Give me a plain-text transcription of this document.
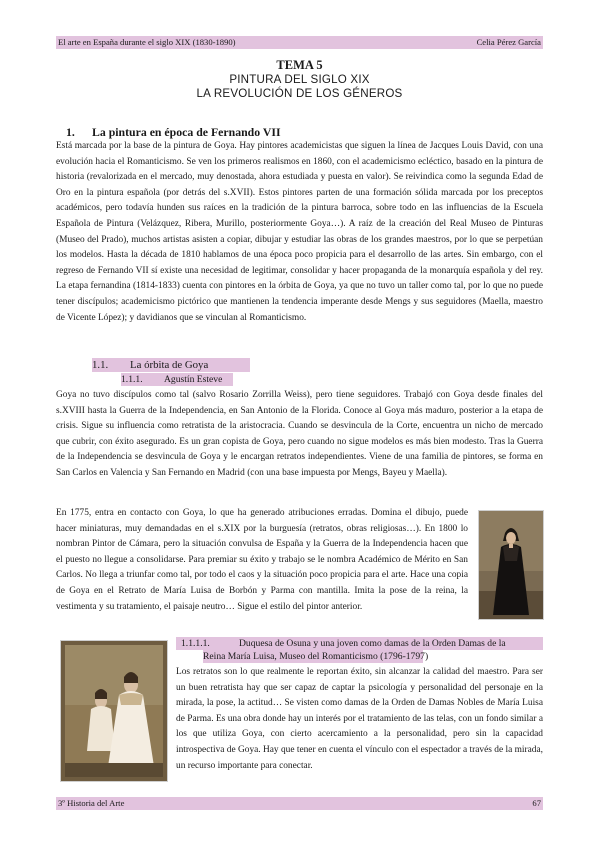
El arte en España durante el siglo XIX (1830-1890)	Celia Pérez García
TEMA 5
PINTURA DEL SIGLO XIX
LA REVOLUCIÓN DE LOS GÉNEROS
1. La pintura en época de Fernando VII

Está marcada por la base de la pintura de Goya. Hay pintores academicistas que siguen la línea de Jacques Louis David, con una evolución hacia el Romanticismo. Se ven los primeros realismos en 1860, con el academicismo ecléctico, basado en la pintura de historia (revalorizada en el mercado, muy denostada, ahora estudiada y puesta en valor). Se reivindica como la segunda Edad de Oro en la pintura española (por detrás del s.XVII). Estos pintores parten de una formación sólida marcada por los preceptos académicos, pero todavía hunden sus raíces en la tradición de la pintura barroca, sobre todo en las influencias de la Escuela Española de Pintura (Velázquez, Ribera, Murillo, posteriormente Goya…). A raíz de la creación del Real Museo de Pinturas (Museo del Prado), muchos artistas asisten a copiar, dibujar y estudiar las obras de los grandes maestros, por lo que se perpetúan los modelos. Hasta la década de 1810 hablamos de una época poco propicia para el desarrollo de las artes. Sin embargo, con el regreso de Fernando VII sí existe una necesidad de legitimar, consolidar y hacer propaganda de la monarquía española y del rey. La etapa fernandina (1814-1833) cuenta con pintores en la órbita de Goya, ya que no tuvo un taller como tal, por lo que no puede tener discípulos; academicismo pictórico que mantienen la tendencia imperante desde Mengs y sus seguidores (Maella, maestro de Vicente López); y davidianos que se vinculan al Romanticismo.

1.1. La órbita de Goya
1.1.1. Agustín Esteve

Goya no tuvo discípulos como tal (salvo Rosario Zorrilla Weiss), pero tiene seguidores. Trabajó con Goya desde finales del s.XVIII hasta la Guerra de la Independencia, en San Antonio de la Florida. Conoce al Goya más maduro, posterior a la etapa de crisis. Sigue su influencia como retratista de la aristocracia. Cuando se desvincula de la Corte, encuentra un nicho de mercado que cubrir, con éxito asegurado. Es un gran copista de Goya, pero cuando no sigue modelos es más bien modesto. Tras la Guerra de la Independencia se desvincula de Goya y le encargan retratos independientes. Viene de una familia de pintores, se forma en San Carlos en Valencia y San Fernando en Madrid (con una base impuesta por Mengs, Bayeu y Maella).

En 1775, entra en contacto con Goya, lo que ha generado atribuciones erradas. Domina el dibujo, puede hacer miniaturas, muy demandadas en el s.XIX por la burguesía (retratos, obras religiosas…). En 1800 lo nombran Pintor de Cámara, pero la situación convulsa de España y la Guerra de la Independencia hacen que el puesto no llegue a consolidarse. Para premiar su éxito y trabajo se le nombra Académico de Mérito en San Carlos. No llega a triunfar como tal, por todo el caos y la situación poco propicia para el arte. Hace una copia de Goya en el Retrato de María Luisa de Borbón y Parma con mantilla. Imita la pose de la reina, la vestimenta y su tratamiento, el paisaje neutro… Sigue el estilo del pintor anterior.

1.1.1.1.	Duquesa de Osuna y una joven como damas de la Orden Damas de la
Reina María Luisa, Museo del Romanticismo (1796-1797)

Los retratos son lo que realmente le reportan éxito, sin alcanzar la calidad del maestro. Para ser un buen retratista hay que ser capaz de captar la psicología y personalidad del personaje en la mirada, la pose, la actitud… Se visten como damas de la Orden de Damas Nobles de María Luisa de Parma. Es una obra donde hay un interés por el tratamiento de las telas, con un fondo similar a los que utiliza Goya, con cierto acercamiento a la personalidad, pero sin la capacidad introspectiva de Goya. Hay que tener en cuenta el vínculo con el espectador a través de la mirada, un recurso importante para conectar.

3º Historia del Arte	67
